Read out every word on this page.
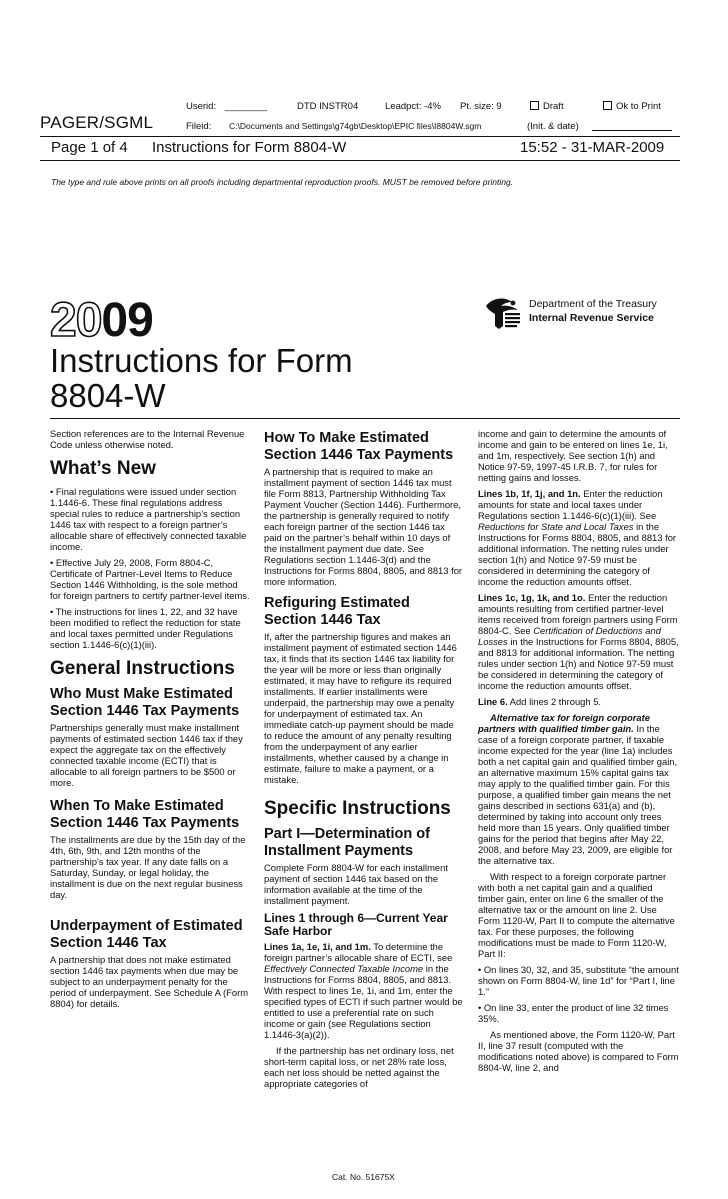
Userid: ________	DTD INSTR04	Leadpct: -4% Pt. size: 9	Draft	Ok to Print
PAGER/SGML	Fileid: C:\Documents and Settings\g74gb\Desktop\EPIC files\I8804W.sgm	(Init. & date)
Page 1 of 4 Instructions for Form 8804-W	15:52 - 31-MAR-2009
The type and rule above prints on all proofs including departmental reproduction proofs. MUST be removed before printing.
2009	Department of the Treasury
Internal Revenue Service
Instructions for Form
8804-W

Section references are to the Internal Revenue Code unless otherwise noted.

What’s New

• Final regulations were issued under section 1.1446-6. These final regulations address special rules to reduce a partnership’s section 1446 tax with respect to a foreign partner’s allocable share of effectively connected taxable income.

• Effective July 29, 2008, Form 8804-C, Certificate of Partner-Level Items to Reduce Section 1446 Withholding, is the sole method for foreign partners to certify partner-level items.

• The instructions for lines 1, 22, and 32 have been modified to reflect the reduction for state and local taxes permitted under Regulations section 1.1446-6(c)(1)(iii).

General Instructions
Who Must Make Estimated Section 1446 Tax Payments

Partnerships generally must make installment payments of estimated section 1446 tax if they expect the aggregate tax on the effectively connected taxable income (ECTI) that is allocable to all foreign partners to be $500 or more.

When To Make Estimated Section 1446 Tax Payments

The installments are due by the 15th day of the 4th, 6th, 9th, and 12th months of the partnership’s tax year. If any date falls on a Saturday, Sunday, or legal holiday, the installment is due on the next regular business day.

Underpayment of Estimated Section 1446 Tax

A partnership that does not make estimated section 1446 tax payments when due may be subject to an underpayment penalty for the period of underpayment. See Schedule A (Form 8804) for details.

How To Make Estimated Section 1446 Tax Payments

A partnership that is required to make an installment payment of section 1446 tax must file Form 8813, Partnership Withholding Tax Payment Voucher (Section 1446). Furthermore, the partnership is generally required to notify each foreign partner of the section 1446 tax paid on the partner’s behalf within 10 days of the installment payment due date. See Regulations section 1.1446-3(d) and the Instructions for Forms 8804, 8805, and 8813 for more information.

Refiguring Estimated Section 1446 Tax

If, after the partnership figures and makes an installment payment of estimated section 1446 tax, it finds that its section 1446 tax liability for the year will be more or less than originally estimated, it may have to refigure its required installments. If earlier installments were underpaid, the partnership may owe a penalty for underpayment of estimated tax. An immediate catch-up payment should be made to reduce the amount of any penalty resulting from the underpayment of any earlier installments, whether caused by a change in estimate, failure to make a payment, or a mistake.

Specific Instructions
Part I—Determination of Installment Payments

Complete Form 8804-W for each installment payment of section 1446 tax based on the information available at the time of the installment payment.

Lines 1 through 6—Current Year Safe Harbor

Lines 1a, 1e, 1i, and 1m. To determine the foreign partner’s allocable share of ECTI, see Effectively Connected Taxable Income in the Instructions for Forms 8804, 8805, and 8813. With respect to lines 1e, 1i, and 1m, enter the specified types of ECTI if such partner would be entitled to use a preferential rate on such income or gain (see Regulations section 1.1446-3(a)(2)).

If the partnership has net ordinary loss, net short-term capital loss, or net 28% rate loss, each net loss should be netted against the appropriate categories of

income and gain to determine the amounts of income and gain to be entered on lines 1e, 1i, and 1m, respectively. See section 1(h) and Notice 97-59, 1997-45 I.R.B. 7, for rules for netting gains and losses.

Lines 1b, 1f, 1j, and 1n. Enter the reduction amounts for state and local taxes under Regulations section 1.1446-6(c)(1)(iii). See Reductions for State and Local Taxes in the Instructions for Forms 8804, 8805, and 8813 for additional information. The netting rules under section 1(h) and Notice 97-59 must be considered in determining the category of income the reduction amounts offset.

Lines 1c, 1g, 1k, and 1o. Enter the reduction amounts resulting from certified partner-level items received from foreign partners using Form 8804-C. See Certification of Deductions and Losses in the Instructions for Forms 8804, 8805, and 8813 for additional information. The netting rules under section 1(h) and Notice 97-59 must be considered in determining the category of income the reduction amounts offset.

Line 6. Add lines 2 through 5.

Alternative tax for foreign corporate partners with qualified timber gain. In the case of a foreign corporate partner, if taxable income expected for the year (line 1a) includes both a net capital gain and qualified timber gain, an alternative maximum 15% capital gains tax may apply to the qualified timber gain. For this purpose, a qualified timber gain means the net gains described in sections 631(a) and (b), determined by taking into account only trees held more than 15 years. Only qualified timber gains for the period that begins after May 22, 2008, and before May 23, 2009, are eligible for the alternative tax.

With respect to a foreign corporate partner with both a net capital gain and a qualified timber gain, enter on line 6 the smaller of the alternative tax or the amount on line 2. Use Form 1120-W, Part II to compute the alternative tax. For these purposes, the following modifications must be made to Form 1120-W, Part II:

• On lines 30, 32, and 35, substitute “the amount shown on Form 8804-W, line 1d” for “Part I, line 1.”

• On line 33, enter the product of line 32 times 35%.

As mentioned above, the Form 1120-W, Part II, line 37 result (computed with the modifications noted above) is compared to Form 8804-W, line 2, and

Cat. No. 51675X
